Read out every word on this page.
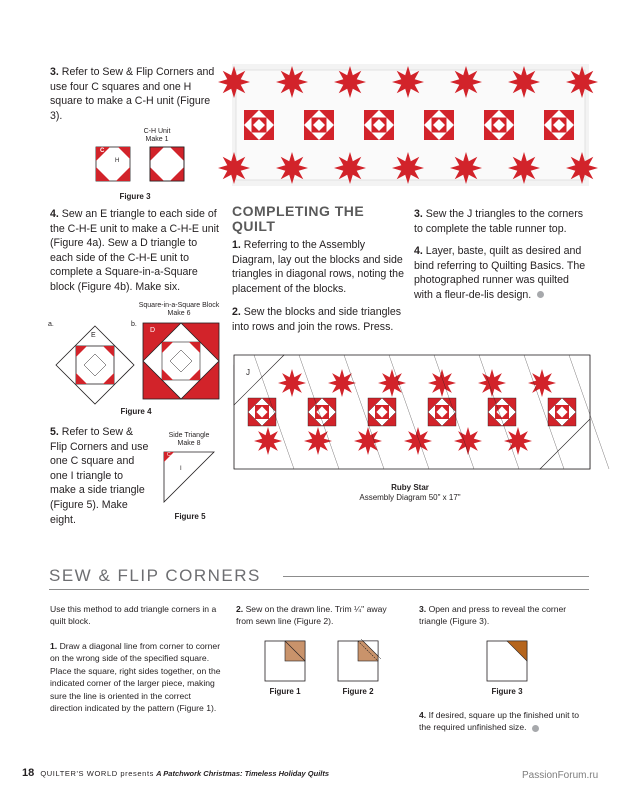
3. Refer to Sew & Flip Corners and use four C squares and one H square to make a C-H unit (Figure 3).
C-H Unit
Make 1
C
H
Figure 3
4. Sew an E triangle to each side of the C-H-E unit to make a C-H-E unit (Figure 4a). Sew a D triangle to each side of the C-H-E unit to complete a Square-in-a-Square block (Figure 4b). Make six.
a.	b.
Square-in-a-Square Block
Make 6
E
D
Figure 4
5. Refer to Sew & Flip Corners and use one C square and one I triangle to make a side triangle (Figure 5). Make eight.
Side Triangle
Make 8
C
I
Figure 5
COMPLETING THE
QUILT
1. Referring to the Assembly Diagram, lay out the blocks and side triangles in diagonal rows, noting the placement of the blocks.
2. Sew the blocks and side triangles into rows and join the rows. Press.
3. Sew the J triangles to the corners to complete the table runner top.
4. Layer, baste, quilt as desired and bind referring to Quilting Basics. The photographed runner was quilted with a fleur-de-lis design.
J
Ruby Star
Assembly Diagram 50" x 17"
SEW & FLIP CORNERS
Use this method to add triangle corners in a quilt block.
1. Draw a diagonal line from corner to corner on the wrong side of the specified square. Place the square, right sides together, on the indicated corner of the larger piece, making sure the line is oriented in the correct direction indicated by the pattern (Figure 1).
2. Sew on the drawn line. Trim ¼" away from sewn line (Figure 2).
3. Open and press to reveal the corner triangle (Figure 3).
4. If desired, square up the finished unit to the required unfinished size.
Figure 1	Figure 2	Figure 3
18 QUILTER'S WORLD presents A Patchwork Christmas: Timeless Holiday Quilts	PassionForum.ru
